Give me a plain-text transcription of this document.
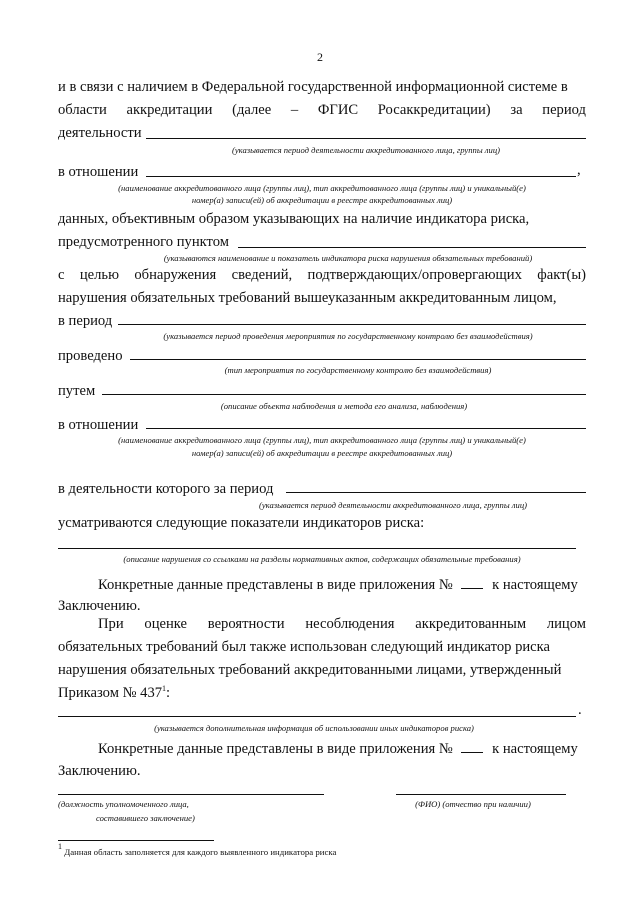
2
и в связи с наличием в Федеральной государственной информационной системе в
области аккредитации (далее – ФГИС Росаккредитации) за период
деятельности
(указывается период деятельности аккредитованного лица, группы лиц)
в отношении	,
(наименование аккредитованного лица (группы лиц), тип аккредитованного лица (группы лиц) и уникальный(е)
номер(а) записи(ей) об аккредитации в реестре аккредитованных лиц)
данных, объективным образом указывающих на наличие индикатора риска,
предусмотренного пунктом
(указываются наименование и показатель индикатора риска нарушения обязательных требований)
с целью обнаружения сведений, подтверждающих/опровергающих факт(ы)
нарушения обязательных требований вышеуказанным аккредитованным лицом,
в период
(указывается период проведения мероприятия по государственному контролю без взаимодействия)
проведено
(тип мероприятия по государственному контролю без взаимодействия)
путем
(описание объекта наблюдения и метода его анализа, наблюдения)
в отношении
(наименование аккредитованного лица (группы лиц), тип аккредитованного лица (группы лиц) и уникальный(е)
номер(а) записи(ей) об аккредитации в реестре аккредитованных лиц)
в деятельности которого за период
(указывается период деятельности аккредитованного лица, группы лиц)
усматриваются следующие показатели индикаторов риска:
(описание нарушения со ссылками на разделы нормативных актов, содержащих обязательные требования)
Конкретные данные представлены в виде приложения №	к настоящему
Заключению.
При оценке вероятности несоблюдения аккредитованным лицом
обязательных требований был также использован следующий индикатор риска
нарушения обязательных требований аккредитованными лицами, утвержденный
Приказом № $437^1$:
.
(указывается дополнительная информация об использовании иных индикаторов риска)
Конкретные данные представлены в виде приложения №	к настоящему
Заключению.
(должность уполномоченного лица,
составившего заключение)
(ФИО) (отчество при наличии)
$^1$ Данная область заполняется для каждого выявленного индикатора риска
